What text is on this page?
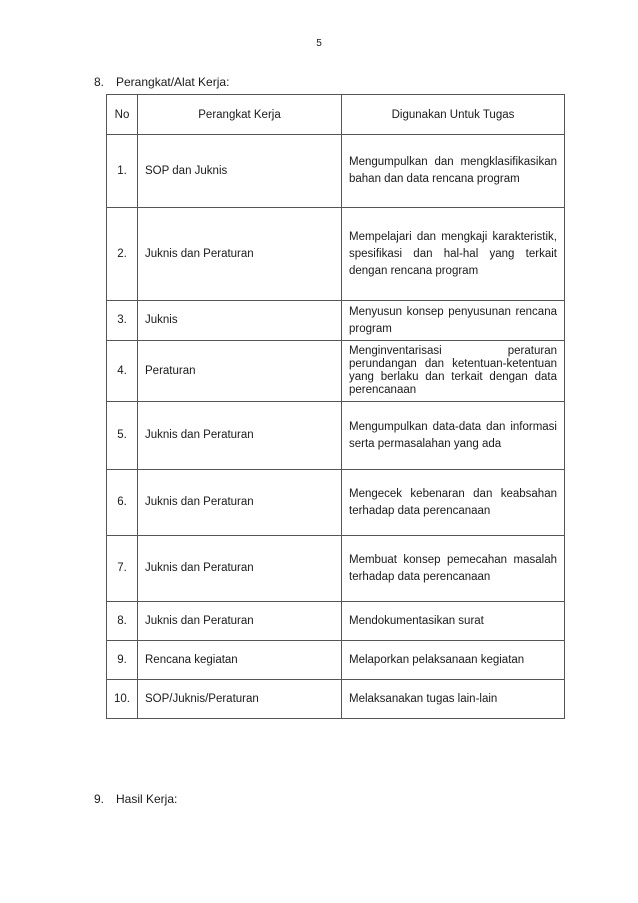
5
8. Perangkat/Alat Kerja:
No	Perangkat Kerja	Digunakan Untuk Tugas
1.	SOP dan Juknis	Mengumpulkan dan mengklasifikasikan bahan dan data rencana program
2.	Juknis dan Peraturan	Mempelajari dan mengkaji karakteristik, spesifikasi dan hal-hal yang terkait dengan rencana program
3.	Juknis	Menyusun konsep penyusunan rencana program
4.	Peraturan	Menginventarisasi peraturan perundangan dan ketentuan-ketentuan yang berlaku dan terkait dengan data perencanaan
5.	Juknis dan Peraturan	Mengumpulkan data-data dan informasi serta permasalahan yang ada
6.	Juknis dan Peraturan	Mengecek kebenaran dan keabsahan terhadap data perencanaan
7.	Juknis dan Peraturan	Membuat konsep pemecahan masalah terhadap data perencanaan
8.	Juknis dan Peraturan	Mendokumentasikan surat
9.	Rencana kegiatan	Melaporkan pelaksanaan kegiatan
10.	SOP/Juknis/Peraturan	Melaksanakan tugas lain-lain
9. Hasil Kerja:
